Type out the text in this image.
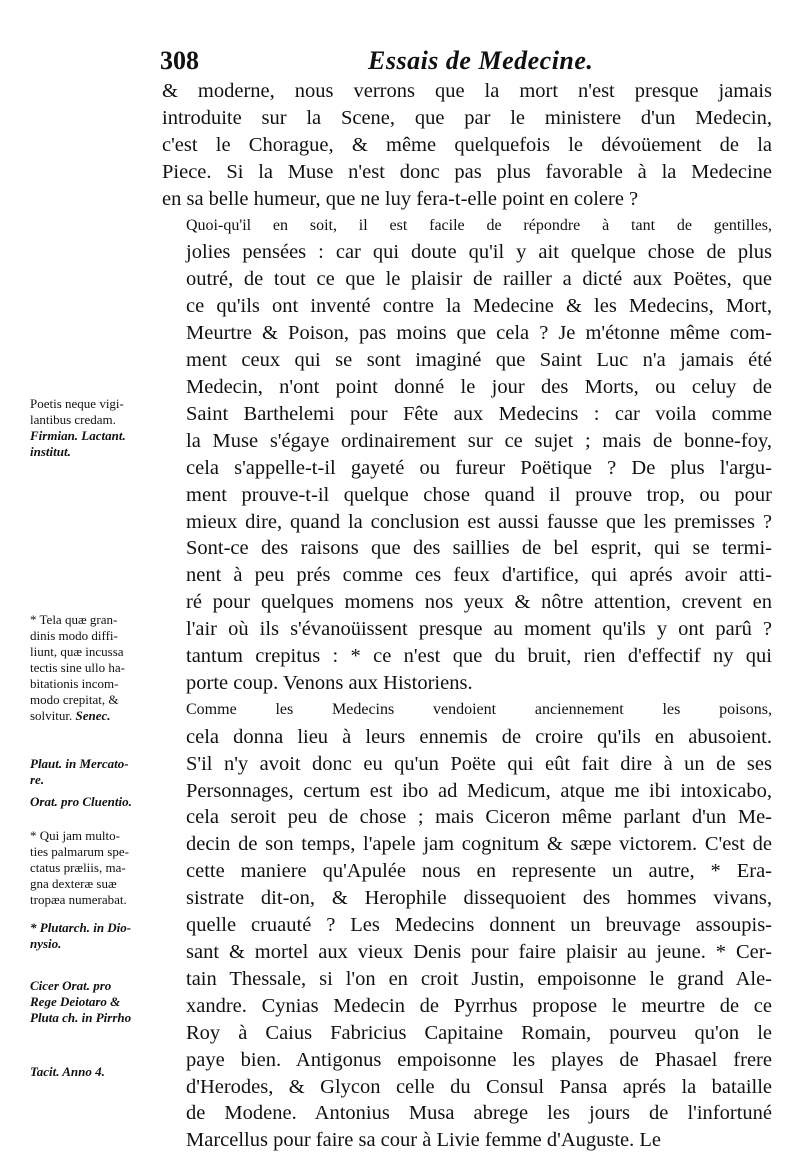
308	Essais de Medecine.
Poetis neque vigi-
lantibus credam.
Firmian. Lactant.
institut.
* Tela quæ gran-
dinis modo diffi-
liunt, quæ incussa
tectis sine ullo ha-
bitationis incom-
modo crepitat, &
solvitur. Senec.
Plaut. in Mercato-
re.
Orat. pro Cluentio.
* Qui jam multo-
ties palmarum spe-
ctatus præliis, ma-
gna dexteræ suæ
tropæa numerabat.
* Plutarch. in Dio-
nysio.
Cicer Orat. pro
Rege Deiotaro &
Pluta ch. in Pirrho
Tacit. Anno 4.

& moderne, nous verrons que la mort n'est presque jamais
introduite sur la Scene, que par le ministere d'un Medecin,
c'est le Chorague, & même quelquefois le dévoüement de la
Piece. Si la Muse n'est donc pas plus favorable à la Medecine
en sa belle humeur, que ne luy fera-t-elle point en colere ?

Quoi-qu'il en soit, il est facile de répondre à tant de gentilles,
jolies pensées : car qui doute qu'il y ait quelque chose de plus
outré, de tout ce que le plaisir de railler a dicté aux Poëtes, que
ce qu'ils ont inventé contre la Medecine & les Medecins, Mort,
Meurtre & Poison, pas moins que cela ? Je m'étonne même com-
ment ceux qui se sont imaginé que Saint Luc n'a jamais été
Medecin, n'ont point donné le jour des Morts, ou celuy de
Saint Barthelemi pour Fête aux Medecins : car voila comme
la Muse s'égaye ordinairement sur ce sujet ; mais de bonne-foy,
cela s'appelle-t-il gayeté ou fureur Poëtique ? De plus l'argu-
ment prouve-t-il quelque chose quand il prouve trop, ou pour
mieux dire, quand la conclusion est aussi fausse que les premisses ?
Sont-ce des raisons que des saillies de bel esprit, qui se termi-
nent à peu prés comme ces feux d'artifice, qui aprés avoir atti-
ré pour quelques momens nos yeux & nôtre attention, crevent en
l'air où ils s'évanoüissent presque au moment qu'ils y ont parû ?
tantum crepitus : * ce n'est que du bruit, rien d'effectif ny qui
porte coup. Venons aux Historiens.

Comme les Medecins vendoient anciennement les poisons,
cela donna lieu à leurs ennemis de croire qu'ils en abusoient.
S'il n'y avoit donc eu qu'un Poëte qui eût fait dire à un de ses
Personnages, certum est ibo ad Medicum, atque me ibi intoxicabo,
cela seroit peu de chose ; mais Ciceron même parlant d'un Me-
decin de son temps, l'apele jam cognitum & sæpe victorem. C'est de
cette maniere qu'Apulée nous en represente un autre, * Era-
sistrate dit-on, & Herophile dissequoient des hommes vivans,
quelle cruauté ? Les Medecins donnent un breuvage assoupis-
sant & mortel aux vieux Denis pour faire plaisir au jeune. * Cer-
tain Thessale, si l'on en croit Justin, empoisonne le grand Ale-
xandre. Cynias Medecin de Pyrrhus propose le meurtre de ce
Roy à Caius Fabricius Capitaine Romain, pourveu qu'on le
paye bien. Antigonus empoisonne les playes de Phasael frere
d'Herodes, & Glycon celle du Consul Pansa aprés la bataille
de Modene. Antonius Musa abrege les jours de l'infortuné
Marcellus pour faire sa cour à Livie femme d'Auguste. Le
